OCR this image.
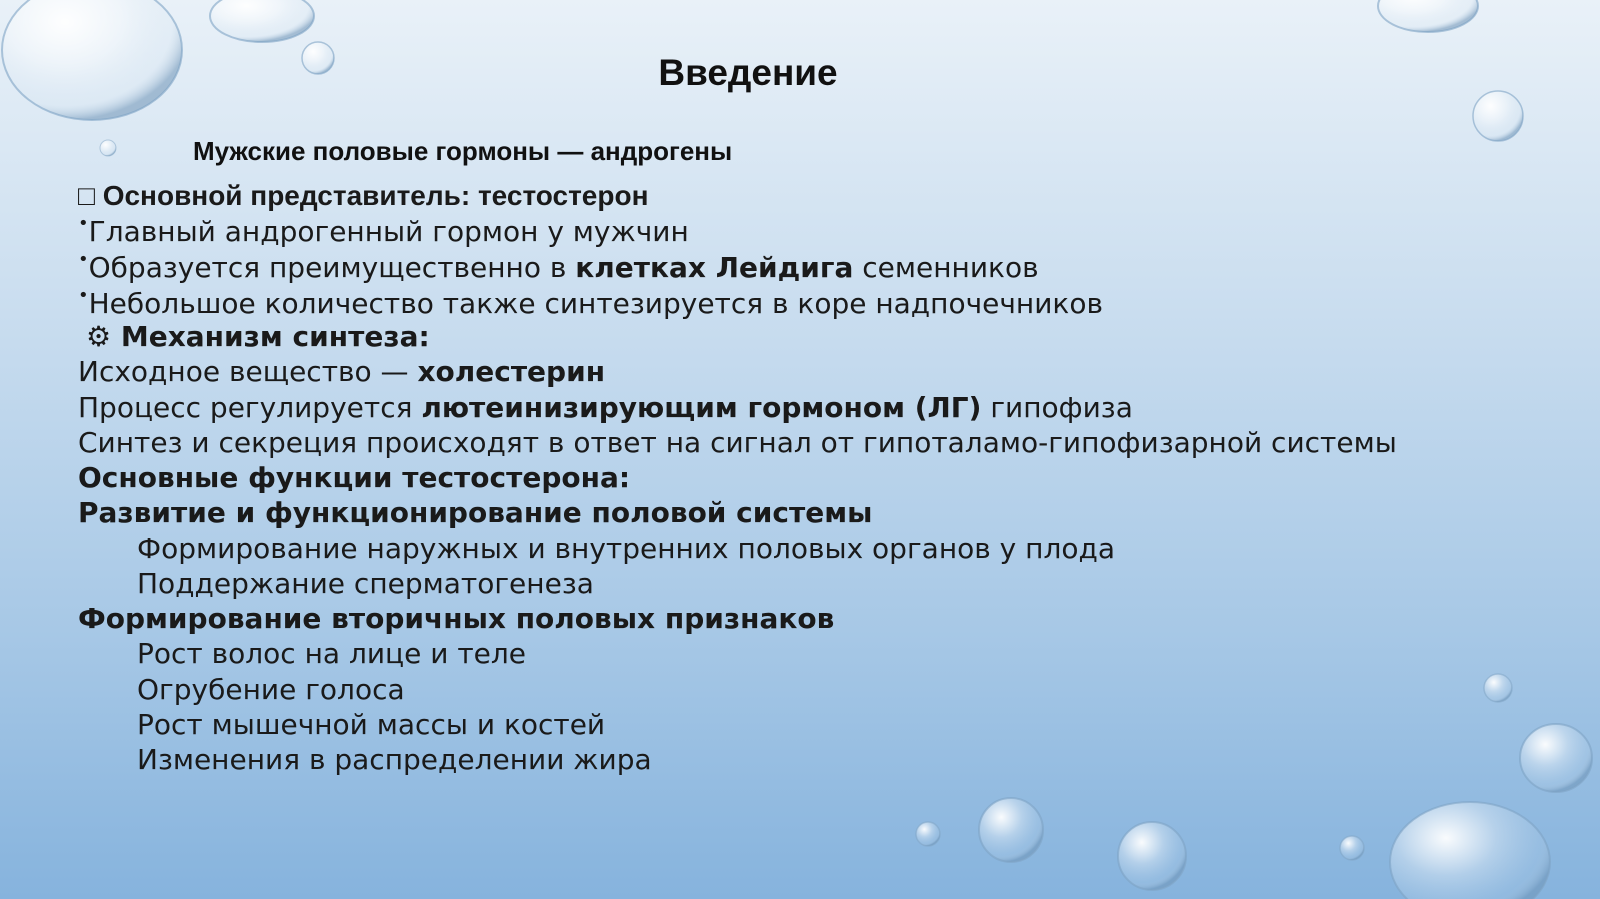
Введение
Мужские половые гормоны — андрогены
□ Основной представитель: тестостерон
•Главный андрогенный гормон у мужчин
•Образуется преимущественно в клетках Лейдига семенников
•Небольшое количество также синтезируется в коре надпочечников
⚙ Механизм синтеза:
Исходное вещество — холестерин
Процесс регулируется лютеинизирующим гормоном (ЛГ) гипофиза
Синтез и секреция происходят в ответ на сигнал от гипоталамо-гипофизарной системы
Основные функции тестостерона:
Развитие и функционирование половой системы
Формирование наружных и внутренних половых органов у плода
Поддержание сперматогенеза
Формирование вторичных половых признаков
Рост волос на лице и теле
Огрубение голоса
Рост мышечной массы и костей
Изменения в распределении жира
